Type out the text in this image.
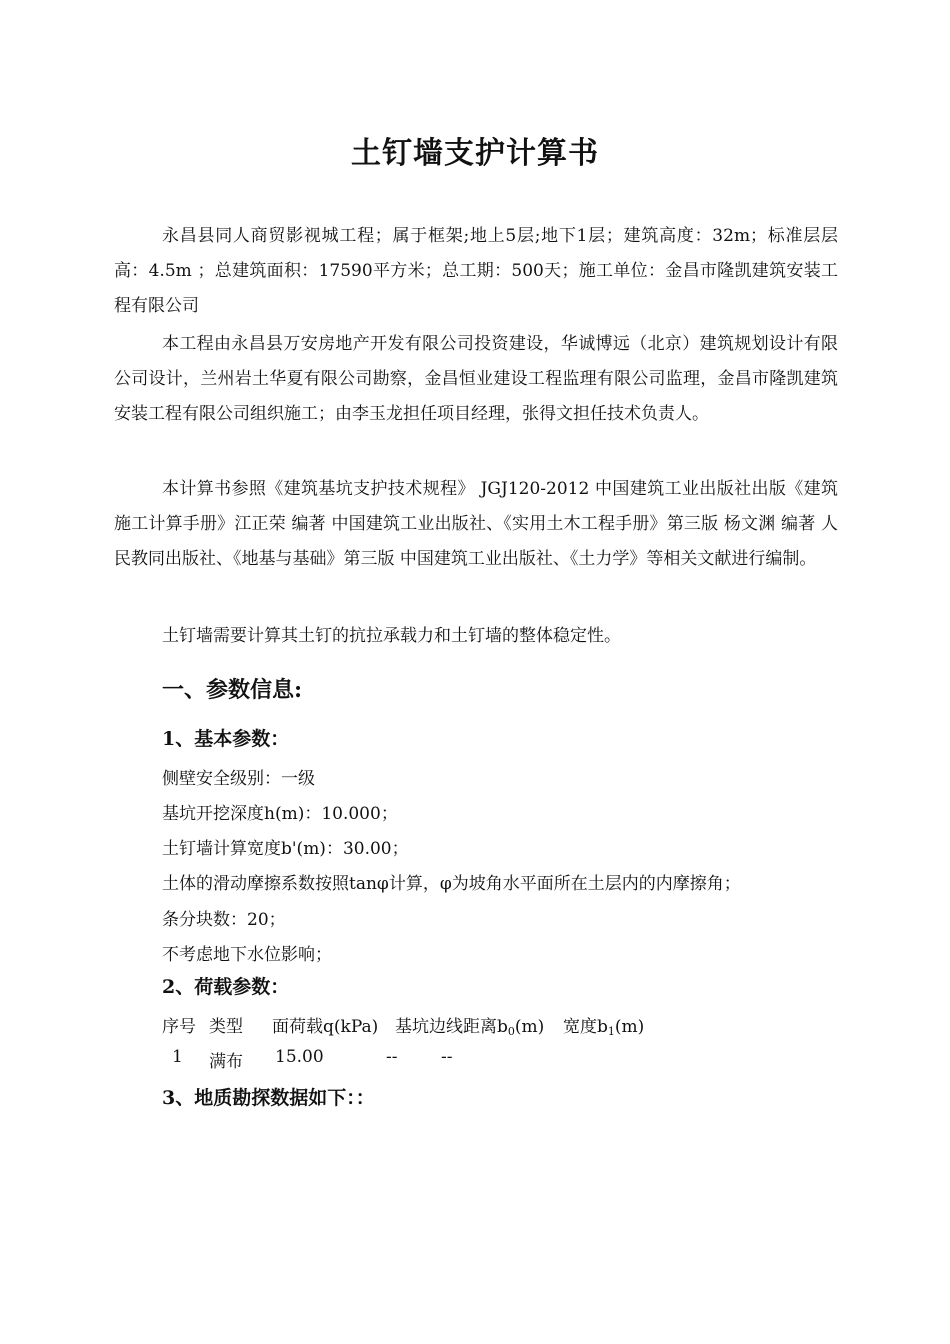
土钉墙支护计算书

永昌县同人商贸影视城工程；属于框架;地上5层;地下1层；建筑高度：32m；标准层层高：4.5m ；总建筑面积：17590平方米；总工期：500天；施工单位：金昌市隆凯建筑安装工程有限公司

本工程由永昌县万安房地产开发有限公司投资建设，华诚博远（北京）建筑规划设计有限公司设计，兰州岩土华夏有限公司勘察，金昌恒业建设工程监理有限公司监理，金昌市隆凯建筑安装工程有限公司组织施工；由李玉龙担任项目经理，张得文担任技术负责人。

本计算书参照《建筑基坑支护技术规程》 JGJ120-2012 中国建筑工业出版社出版《建筑施工计算手册》江正荣 编著 中国建筑工业出版社、《实用土木工程手册》第三版 杨文渊 编著 人民教同出版社、《地基与基础》第三版 中国建筑工业出版社、《土力学》等相关文献进行编制。

土钉墙需要计算其土钉的抗拉承载力和土钉墙的整体稳定性。

一、参数信息:
1、基本参数：
侧壁安全级别：一级
基坑开挖深度h(m)：10.000；
土钉墙计算宽度b'(m)：30.00；
土体的滑动摩擦系数按照tanφ计算，φ为坡角水平面所在土层内的内摩擦角；
条分块数：20；
不考虑地下水位影响；
2、荷载参数：
序号 类型 面荷载q(kPa) 基坑边线距离$b_0(m)$ 宽度$b_1(m)$
1 满布 15.00	--	--
3、地质勘探数据如下：：
